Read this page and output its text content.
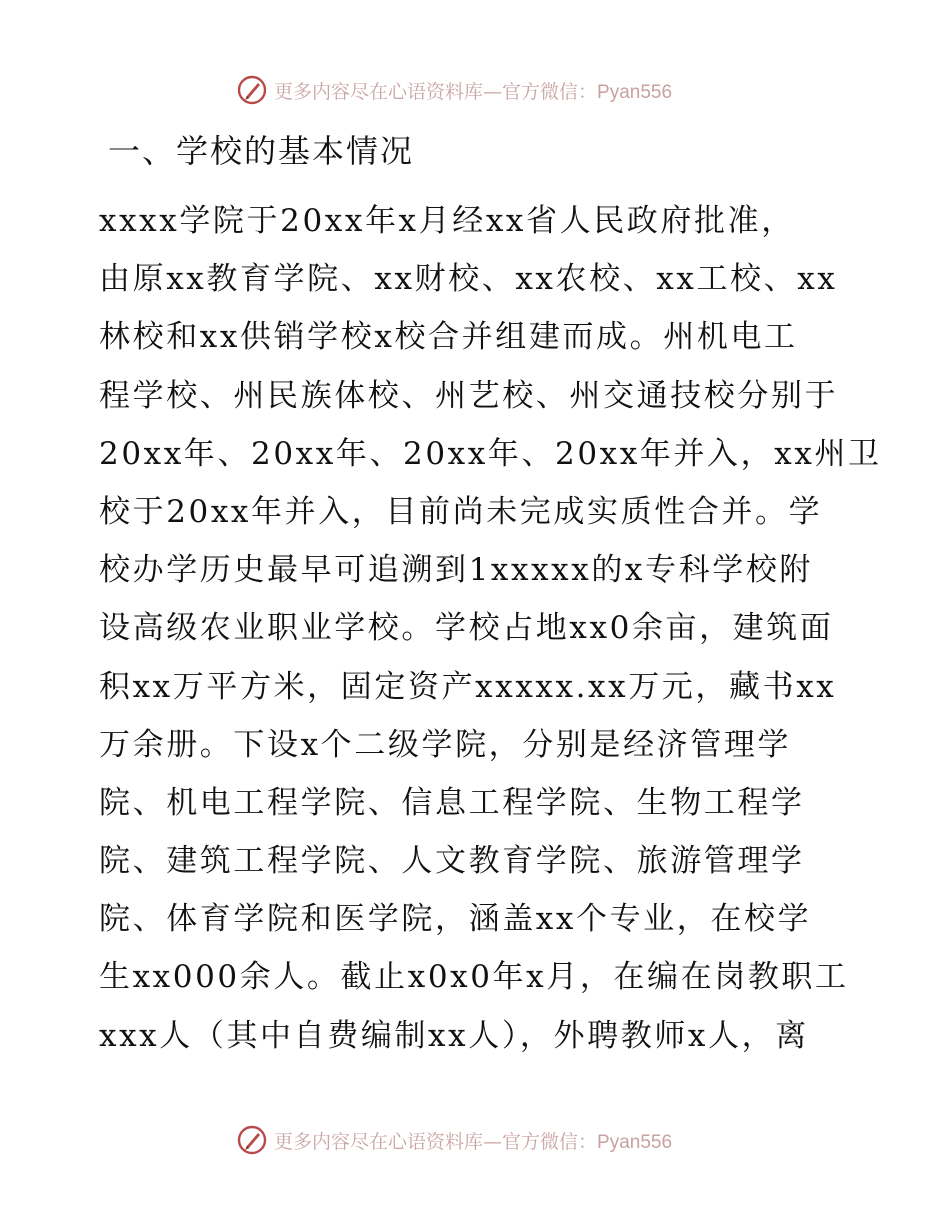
更多内容尽在心语资料库—官方微信：Pyan556
一、学校的基本情况
xxxx学院于20xx年x月经xx省人民政府批准，
由原xx教育学院、xx财校、xx农校、xx工校、xx
林校和xx供销学校x校合并组建而成。州机电工
程学校、州民族体校、州艺校、州交通技校分别于
20xx年、20xx年、20xx年、20xx年并入，xx州卫
校于20xx年并入，目前尚未完成实质性合并。学
校办学历史最早可追溯到1xxxxx的x专科学校附
设高级农业职业学校。学校占地xx0余亩，建筑面
积xx万平方米，固定资产xxxxx.xx万元，藏书xx
万余册。下设x个二级学院，分别是经济管理学
院、机电工程学院、信息工程学院、生物工程学
院、建筑工程学院、人文教育学院、旅游管理学
院、体育学院和医学院，涵盖xx个专业，在校学
生xx000余人。截止x0x0年x月，在编在岗教职工
xxx人（其中自费编制xx人），外聘教师x人，离
更多内容尽在心语资料库—官方微信：Pyan556
